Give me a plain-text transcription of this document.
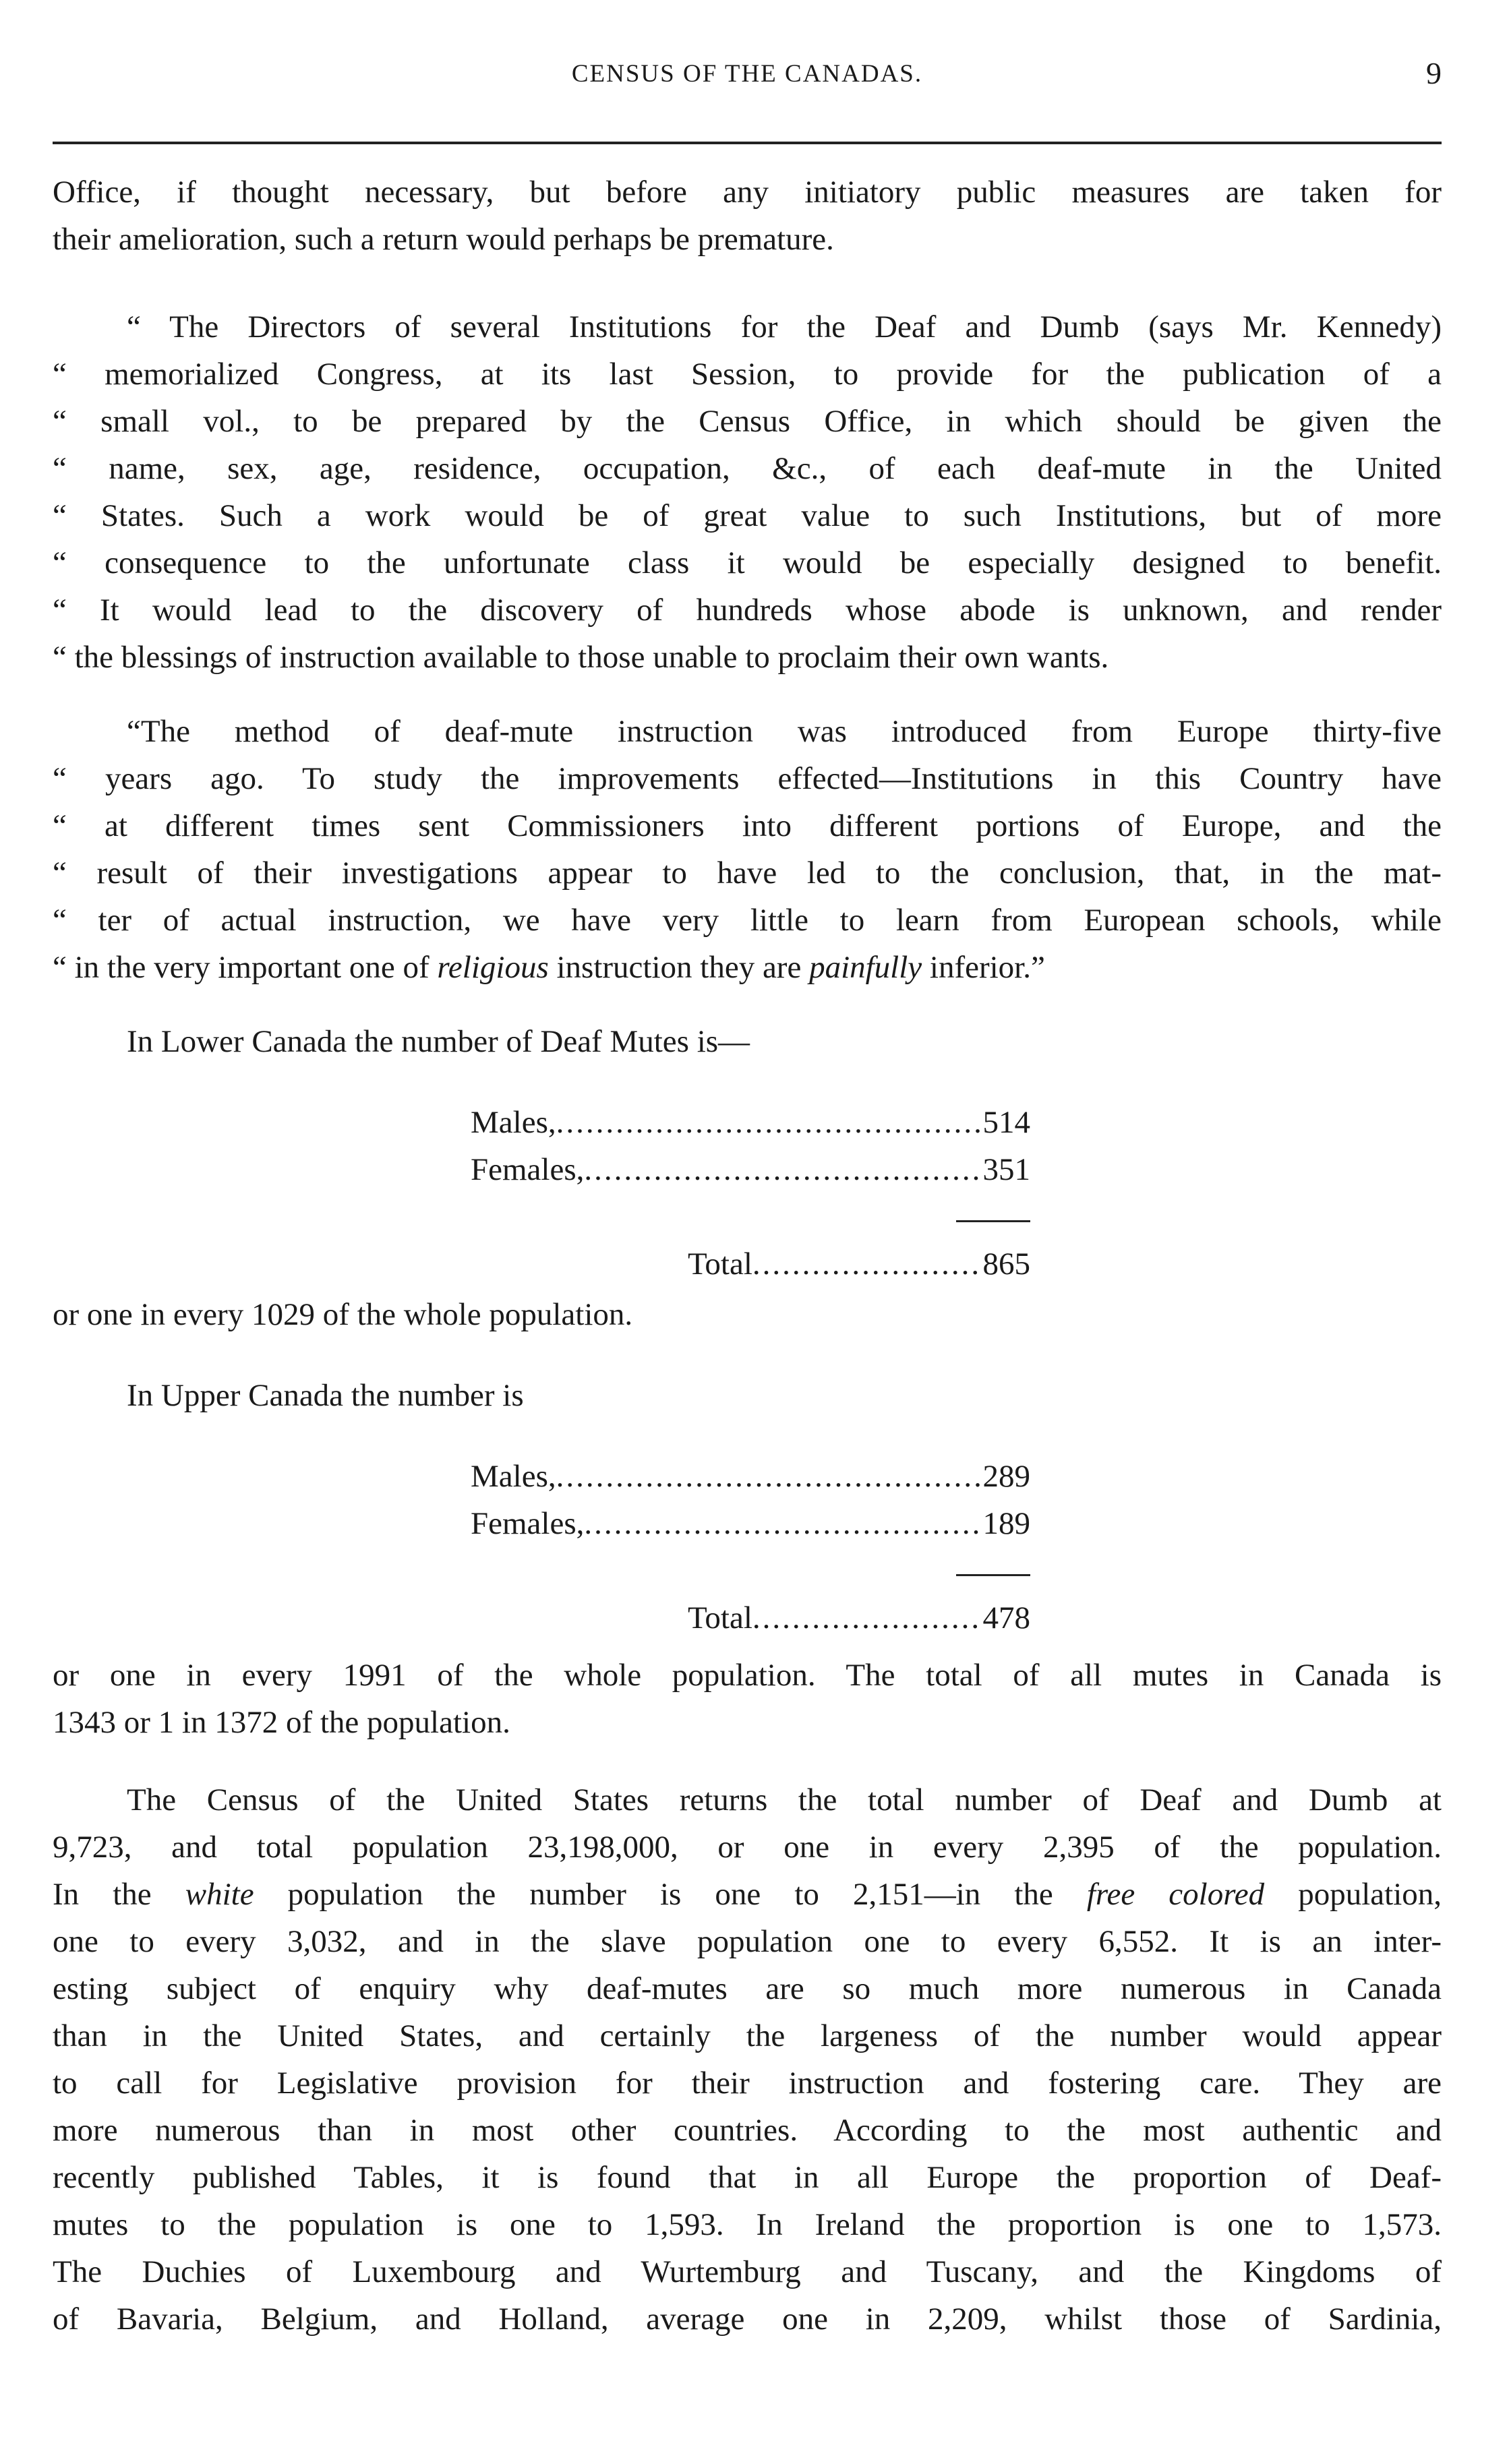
CENSUS OF THE CANADAS.	9
Office, if thought necessary, but before any initiatory public measures are taken for
their amelioration, such a return would perhaps be premature.
“ The Directors of several Institutions for the Deaf and Dumb (says Mr. Kennedy)
“ memorialized Congress, at its last Session, to provide for the publication of a
“ small vol., to be prepared by the Census Office, in which should be given the
“ name, sex, age, residence, occupation, &c., of each deaf-mute in the United
“ States. Such a work would be of great value to such Institutions, but of more
“ consequence to the unfortunate class it would be especially designed to benefit.
“ It would lead to the discovery of hundreds whose abode is unknown, and render
“ the blessings of instruction available to those unable to proclaim their own wants.
“The method of deaf-mute instruction was introduced from Europe thirty-five
“ years ago. To study the improvements effected—Institutions in this Country have
“ at different times sent Commissioners into different portions of Europe, and the
“ result of their investigations appear to have led to the conclusion, that, in the mat-
“ ter of actual instruction, we have very little to learn from European schools, while
“ in the very important one of religious instruction they are painfully inferior.”
In Lower Canada the number of Deaf Mutes is—
Males, .....	514
Females, .....	351
Total .....	865
or one in every 1029 of the whole population.
In Upper Canada the number is
Males, .....	289
Females, .....	189
Total .....	478
or one in every 1991 of the whole population. The total of all mutes in Canada is
1343 or 1 in 1372 of the population.
The Census of the United States returns the total number of Deaf and Dumb at
9,723, and total population 23,198,000, or one in every 2,395 of the population.
In the white population the number is one to 2,151—in the free colored population,
one to every 3,032, and in the slave population one to every 6,552. It is an inter-
esting subject of enquiry why deaf-mutes are so much more numerous in Canada
than in the United States, and certainly the largeness of the number would appear
to call for Legislative provision for their instruction and fostering care. They are
more numerous than in most other countries. According to the most authentic and
recently published Tables, it is found that in all Europe the proportion of Deaf-
mutes to the population is one to 1,593. In Ireland the proportion is one to 1,573.
The Duchies of Luxembourg and Wurtemburg and Tuscany, and the Kingdoms of
of Bavaria, Belgium, and Holland, average one in 2,209, whilst those of Sardinia,
